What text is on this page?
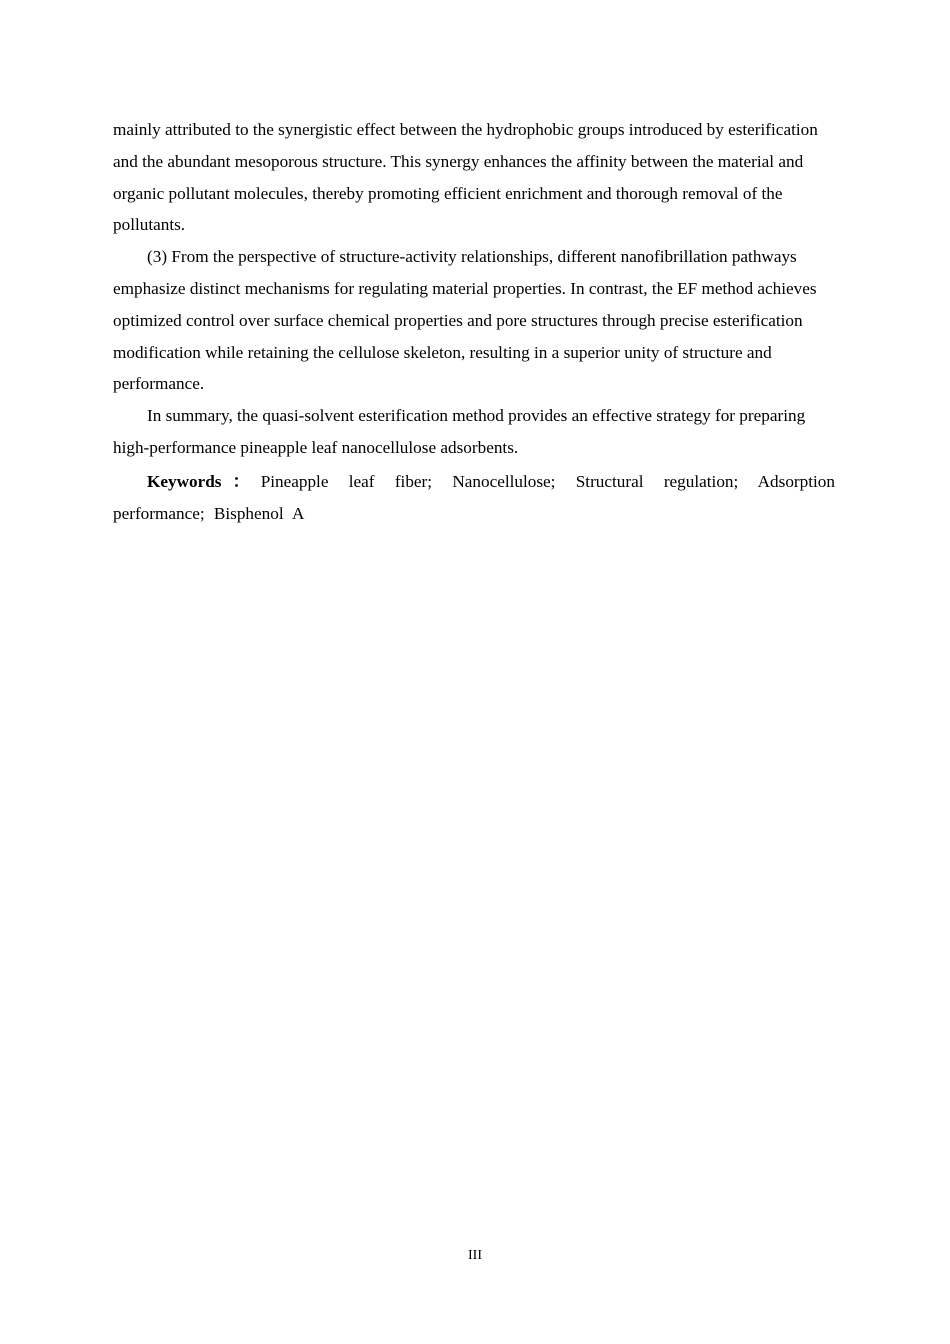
mainly attributed to the synergistic effect between the hydrophobic groups introduced by esterification and the abundant mesoporous structure. This synergy enhances the affinity between the material and organic pollutant molecules, thereby promoting efficient enrichment and thorough removal of the pollutants.

(3) From the perspective of structure-activity relationships, different nanofibrillation pathways emphasize distinct mechanisms for regulating material properties. In contrast, the EF method achieves optimized control over surface chemical properties and pore structures through precise esterification modification while retaining the cellulose skeleton, resulting in a superior unity of structure and performance.

In summary, the quasi-solvent esterification method provides an effective strategy for preparing high-performance pineapple leaf nanocellulose adsorbents.

Keywords：Pineapple leaf fiber; Nanocellulose; Structural regulation; Adsorption performance; Bisphenol A

III
